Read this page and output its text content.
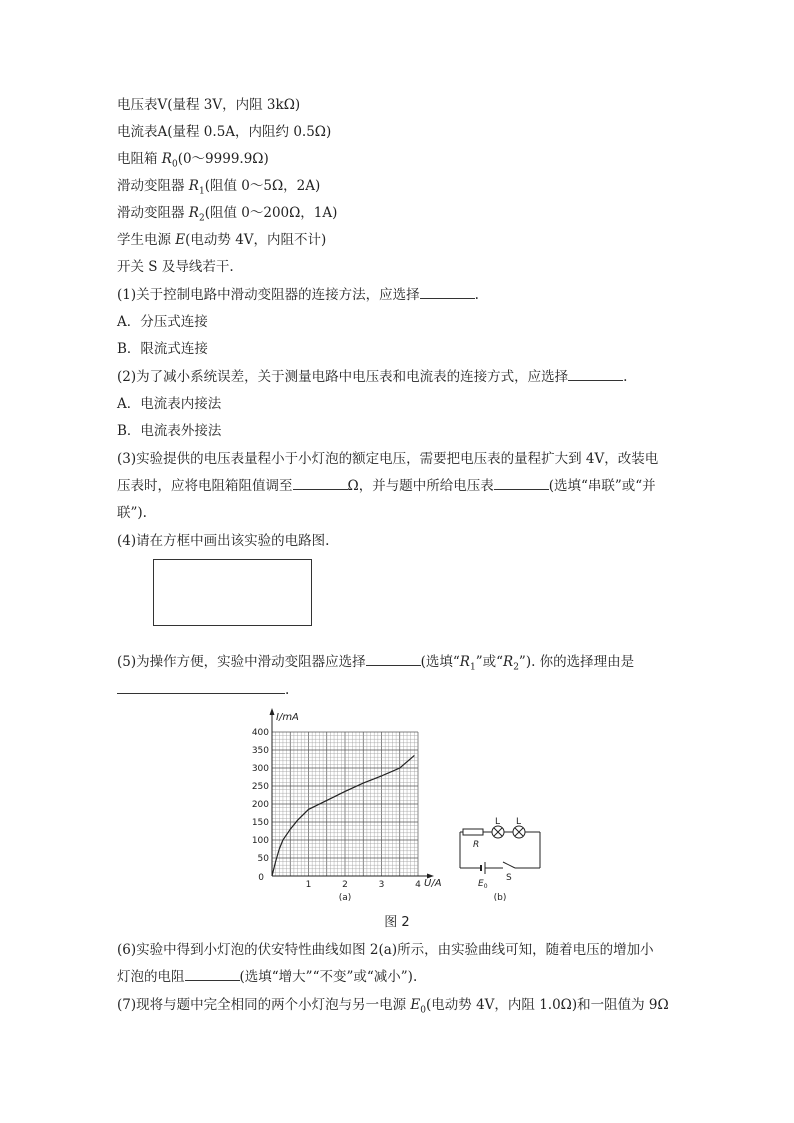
电压表V(量程 3V，内阻 3kΩ)
电流表A(量程 0.5A，内阻约 0.5Ω)
电阻箱 $R_0(0\sim 9999.9\Omega)$
滑动变阻器 $R_1$(阻值 0～5Ω，2A)
滑动变阻器 $R_2$(阻值 0～200Ω，1A)
学生电源 E(电动势 4V，内阻不计)
开关 S 及导线若干.
(1)关于控制电路中滑动变阻器的连接方法，应选择	.
A．分压式连接
B．限流式连接
(2)为了减小系统误差，关于测量电路中电压表和电流表的连接方式，应选择	.
A．电流表内接法
B．电流表外接法
(3)实验提供的电压表量程小于小灯泡的额定电压，需要把电压表的量程扩大到 4V，改装电
压表时，应将电阻箱阻值调至	Ω，并与题中所给电压表	(选填“串联”或“并
联”).
(4)请在方框中画出该实验的电路图.
(5)为操作方便，实验中滑动变阻器应选择	(选填“$R_1$”或“$R_2$”). 你的选择理由是
.
I/mA
U/A
0
400
350
300
250
200
150
100
50
1	2	3	4
(a)
R
L L
$E_0$
S
(b)
图 2
(6)实验中得到小灯泡的伏安特性曲线如图 2(a)所示，由实验曲线可知，随着电压的增加小
灯泡的电阻	(选填“增大”“不变”或“减小”).
(7)现将与题中完全相同的两个小灯泡与另一电源 $E_0$(电动势 4V，内阻 1.0Ω)和一阻值为 9Ω
